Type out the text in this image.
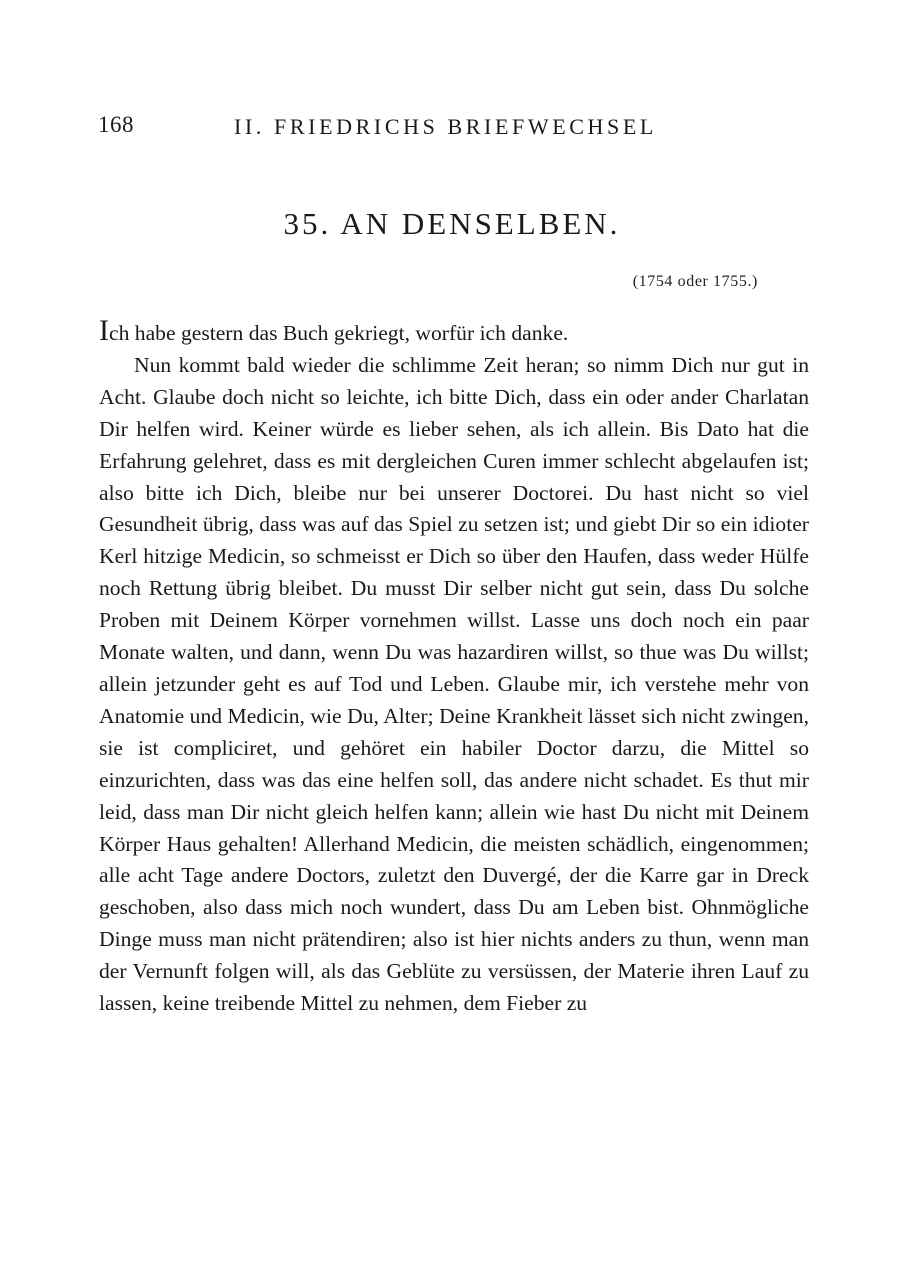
168	II. FRIEDRICHS BRIEFWECHSEL
35. AN DENSELBEN.
(1754 oder 1755.)

Ich habe gestern das Buch gekriegt, worfür ich danke.

Nun kommt bald wieder die schlimme Zeit heran; so nimm Dich nur gut in Acht. Glaube doch nicht so leichte, ich bitte Dich, dass ein oder ander Charlatan Dir helfen wird. Keiner würde es lieber sehen, als ich allein. Bis Dato hat die Erfahrung gelehret, dass es mit dergleichen Curen immer schlecht abgelaufen ist; also bitte ich Dich, bleibe nur bei unserer Doctorei. Du hast nicht so viel Gesundheit übrig, dass was auf das Spiel zu setzen ist; und giebt Dir so ein idioter Kerl hitzige Medicin, so schmeisst er Dich so über den Haufen, dass weder Hülfe noch Rettung übrig bleibet. Du musst Dir selber nicht gut sein, dass Du solche Proben mit Deinem Körper vornehmen willst. Lasse uns doch noch ein paar Monate walten, und dann, wenn Du was hazardiren willst, so thue was Du willst; allein jetzunder geht es auf Tod und Leben. Glaube mir, ich verstehe mehr von Anatomie und Medicin, wie Du, Alter; Deine Krankheit lässet sich nicht zwingen, sie ist compliciret, und gehöret ein habiler Doctor darzu, die Mittel so einzurichten, dass was das eine helfen soll, das andere nicht schadet. Es thut mir leid, dass man Dir nicht gleich helfen kann; allein wie hast Du nicht mit Deinem Körper Haus gehalten! Allerhand Medicin, die meisten schädlich, eingenommen; alle acht Tage andere Doctors, zuletzt den Duvergé, der die Karre gar in Dreck geschoben, also dass mich noch wundert, dass Du am Leben bist. Ohnmögliche Dinge muss man nicht prätendiren; also ist hier nichts anders zu thun, wenn man der Vernunft folgen will, als das Geblüte zu versüssen, der Materie ihren Lauf zu lassen, keine treibende Mittel zu nehmen, dem Fieber zu
